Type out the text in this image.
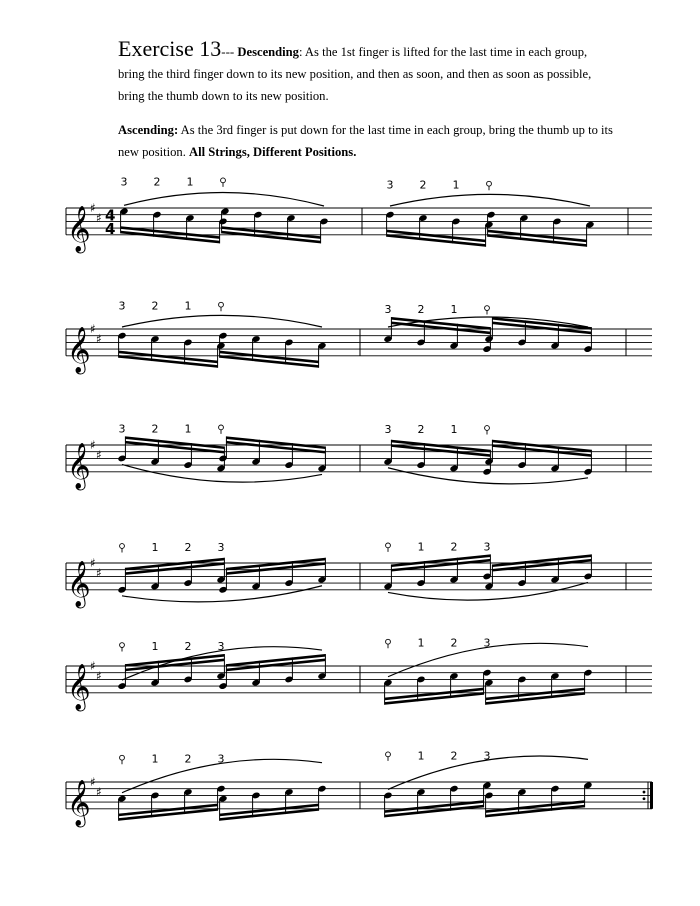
Exercise 13--- Descending: As the 1st finger is lifted for the last time in each group, bring the third finger down to its new position, and then as soon, and then as soon as possible, bring the thumb down to its new position.
Ascending: As the 3rd finger is put down for the last time in each group, bring the thumb up to its new position. All Strings, Different Positions.
𝄞 ♯
♯ 4
4
3 2 1	3 2 1
𝄞 ♯
♯
3 2 1	3 2 1
𝄞 ♯
♯
3 2 1	3 2 1
𝄞 ♯
♯
1 2 3	1 2 3
𝄞 ♯
♯
1 2 3	1 2 3
𝄞 ♯
♯
1 2 3	1 2 3
